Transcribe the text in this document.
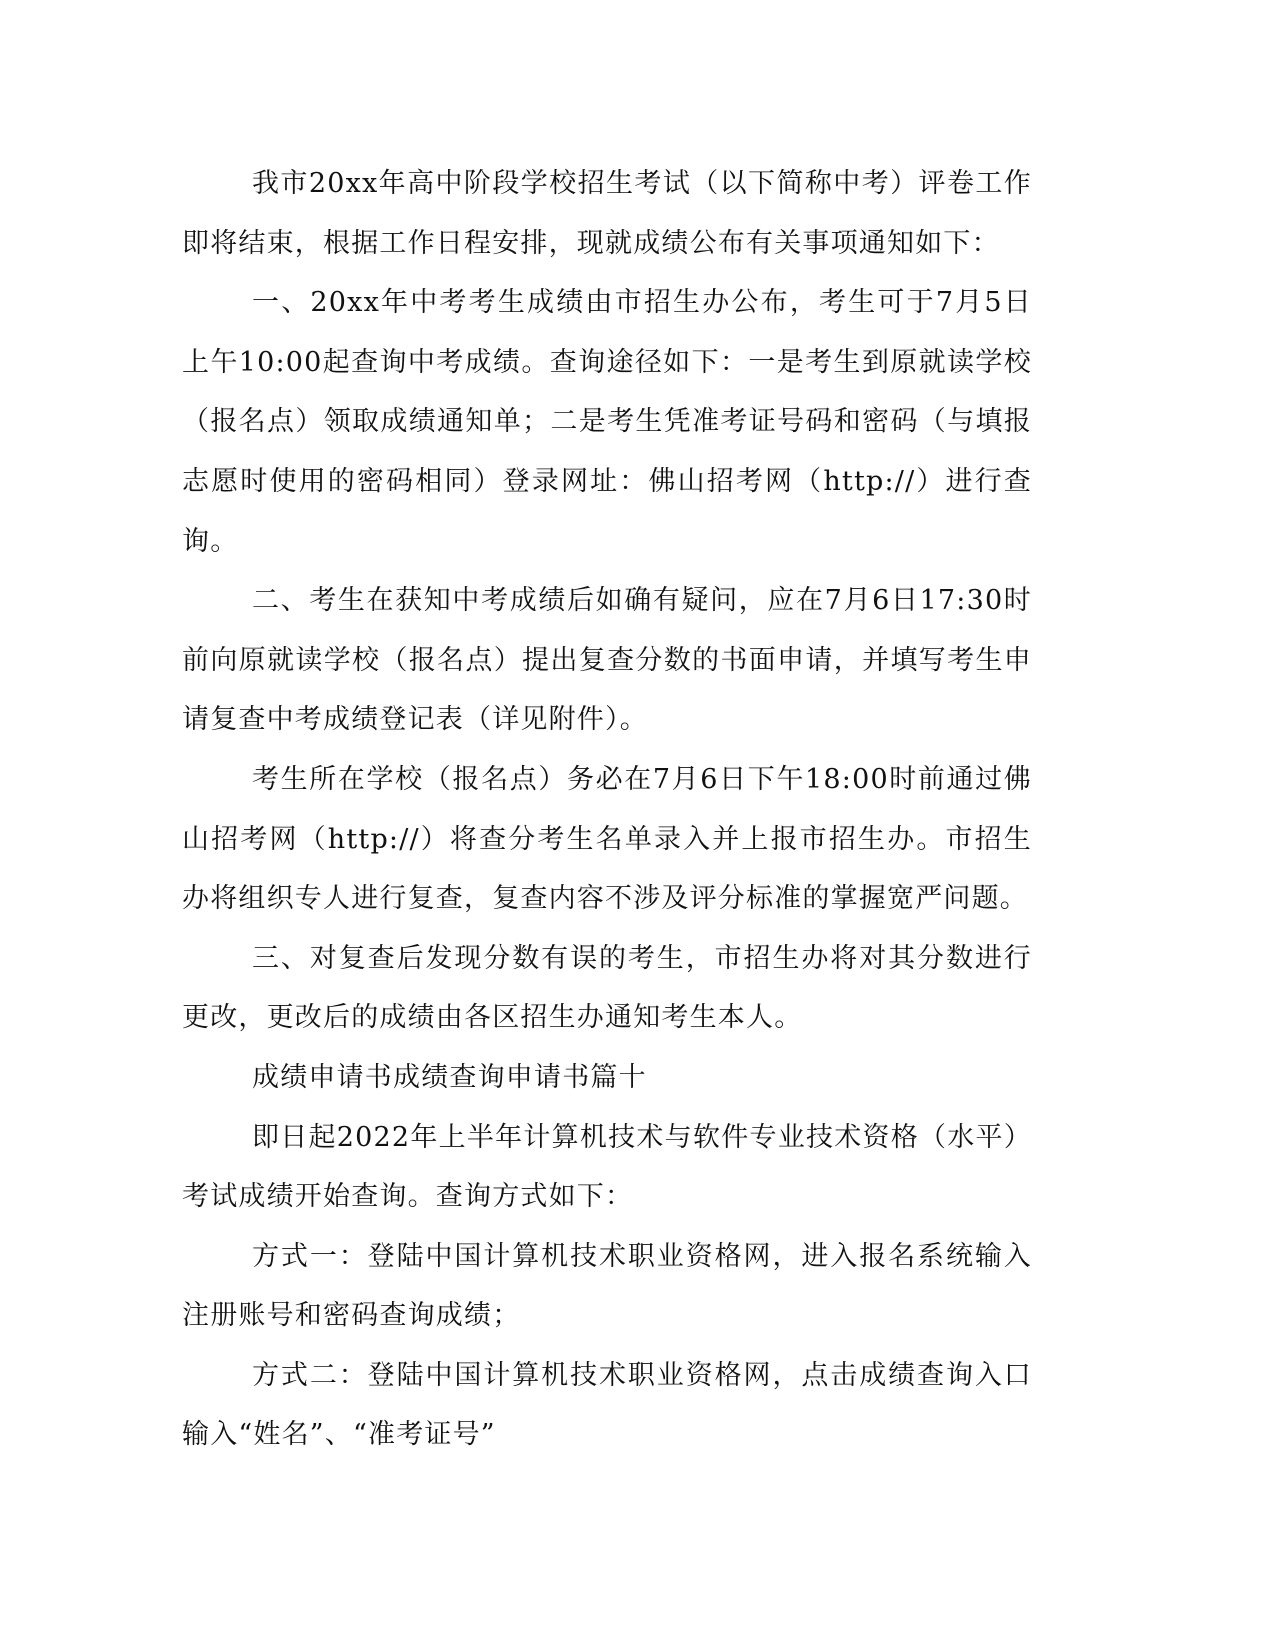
我市20xx年高中阶段学校招生考试（以下简称中考）评卷工作即将结束，根据工作日程安排，现就成绩公布有关事项通知如下：

一、20xx年中考考生成绩由市招生办公布，考生可于7月5日上午10:00起查询中考成绩。查询途径如下：一是考生到原就读学校（报名点）领取成绩通知单；二是考生凭准考证号码和密码（与填报志愿时使用的密码相同）登录网址：佛山招考网（http://）进行查询。

二、考生在获知中考成绩后如确有疑问，应在7月6日17:30时前向原就读学校（报名点）提出复查分数的书面申请，并填写考生申请复查中考成绩登记表（详见附件）。

考生所在学校（报名点）务必在7月6日下午18:00时前通过佛山招考网（http://）将查分考生名单录入并上报市招生办。市招生办将组织专人进行复查，复查内容不涉及评分标准的掌握宽严问题。

三、对复查后发现分数有误的考生，市招生办将对其分数进行更改，更改后的成绩由各区招生办通知考生本人。

成绩申请书成绩查询申请书篇十

即日起2022年上半年计算机技术与软件专业技术资格（水平）考试成绩开始查询。查询方式如下：

方式一：登陆中国计算机技术职业资格网，进入报名系统输入注册账号和密码查询成绩；

方式二：登陆中国计算机技术职业资格网，点击成绩查询入口输入“姓名”、“准考证号”
